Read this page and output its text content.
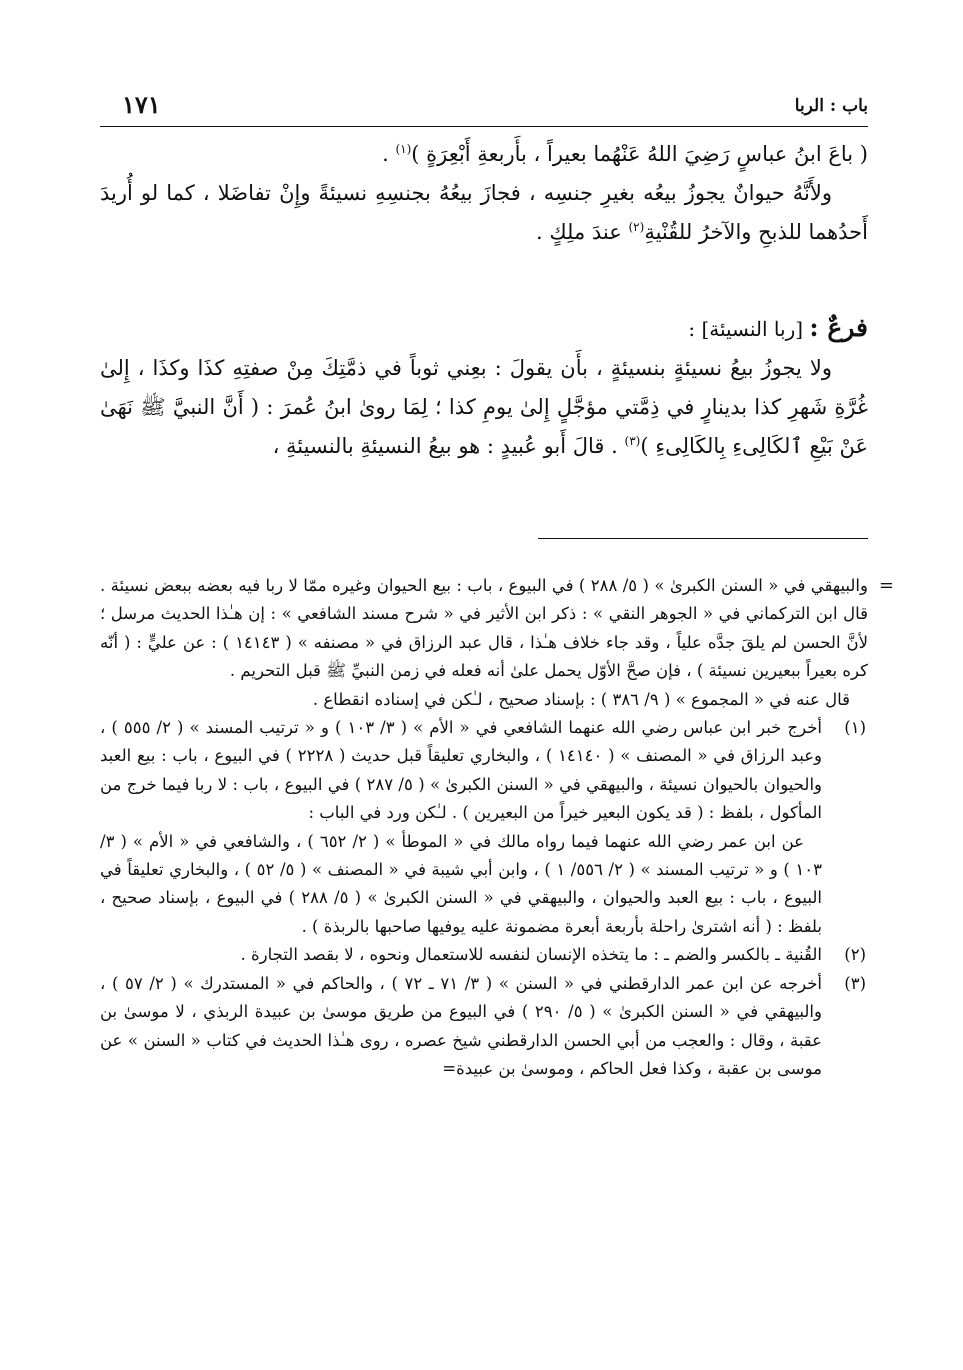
باب : الربا
١٧١

( باعَ ابنُ عباسٍ رَضِيَ اللهُ عَنْهُما بعيراً ، بأَربعةِ أَبْعِرَةٍ )$^{(١)}$ .

ولأَنَّهُ حيوانٌ يجوزُ بيعُه بغيرِ جنسِه ، فجازَ بيعُهُ بجنسِهِ نسيئةً وإِنْ تفاضَلا ، كما لو أُريدَ أَحدُهما للذبحِ والآخرُ للقُنْيةِ$^{(٢)}$ عندَ ملِكٍ .

فرعٌ : [ربا النسيئة] :

ولا يجوزُ بيعُ نسيئةٍ بنسيئةٍ ، بأَن يقولَ : بعِني ثوباً في ذمَّتِكَ مِنْ صفتِهِ كذَا وكذَا ، إِلىٰ غُرَّةِ شَهرِ كذا بدينارٍ في ذِمَّتي مؤجَّلٍ إِلىٰ يومِ كذا ؛ لِمَا روىٰ ابنُ عُمرَ : ( أَنَّ النبيَّ ﷺ نَهَىٰ عَنْ بَيْعِ ٱلكَالِىءِ بِالكَالِىءِ )$^{(٣)}$ . قالَ أَبو عُبيدٍ : هو بيعُ النسيئةِ بالنسيئةِ ،

=
والبيهقي في « السنن الكبرىٰ » ( ٥/ ٢٨٨ ) في البيوع ، باب : بيع الحيوان وغيره ممّا لا ربا فيه بعضه ببعض نسيئة . قال ابن التركماني في « الجوهر النقي » : ذكر ابن الأثير في « شرح مسند الشافعي » : إن هـٰذا الحديث مرسل ؛ لأنَّ الحسن لم يلقَ جدَّه علياً ، وقد جاء خلاف هـٰذا ، قال عبد الرزاق في « مصنفه » ( ١٤١٤٣ ) : عن عليٍّ : ( أنّه كره بعيراً ببعيرين نسيئة ) ، فإن صحَّ الأوّل يحمل علىٰ أنه فعله في زمن النبيِّ ﷺ قبل التحريم .
قال عنه في « المجموع » ( ٩/ ٣٨٦ ) : بإسناد صحيح ، لـٰكن في إسناده انقطاع .
(١)
أخرج خبر ابن عباس رضي الله عنهما الشافعي في « الأم » ( ٣/ ١٠٣ ) و « ترتيب المسند » ( ٢/ ٥٥٥ ) ، وعبد الرزاق في « المصنف » ( ١٤١٤٠ ) ، والبخاري تعليقاً قبل حديث ( ٢٢٢٨ ) في البيوع ، باب : بيع العبد والحيوان بالحيوان نسيئة ، والبيهقي في « السنن الكبرىٰ » ( ٥/ ٢٨٧ ) في البيوع ، باب : لا ربا فيما خرج من المأكول ، بلفظ : ( قد يكون البعير خيراً من البعيرين ) . لـٰكن ورد في الباب :
عن ابن عمر رضي الله عنهما فيما رواه مالك في « الموطأ » ( ٢/ ٦٥٢ ) ، والشافعي في « الأم » ( ٣/ ١٠٣ ) و « ترتيب المسند » ( ٢/ ٥٥٦/ ١ ) ، وابن أبي شيبة في « المصنف » ( ٥/ ٥٢ ) ، والبخاري تعليقاً في البيوع ، باب : بيع العبد والحيوان ، والبيهقي في « السنن الكبرىٰ » ( ٥/ ٢٨٨ ) في البيوع ، بإسناد صحيح ، بلفظ : ( أنه اشترىٰ راحلة بأربعة أبعرة مضمونة عليه يوفيها صاحبها بالربذة ) .
(٢)
القُنية ـ بالكسر والضم ـ : ما يتخذه الإنسان لنفسه للاستعمال ونحوه ، لا بقصد التجارة .
(٣)
أخرجه عن ابن عمر الدارقطني في « السنن » ( ٣/ ٧١ ـ ٧٢ ) ، والحاكم في « المستدرك » ( ٢/ ٥٧ ) ، والبيهقي في « السنن الكبرىٰ » ( ٥/ ٢٩٠ ) في البيوع من طريق موسىٰ بن عبيدة الربذي ، لا موسىٰ بن عقبة ، وقال : والعجب من أبي الحسن الدارقطني شيخ عصره ، روى هـٰذا الحديث في كتاب « السنن » عن موسى بن عقبة ، وكذا فعل الحاكم ، وموسىٰ بن عبيدة=
